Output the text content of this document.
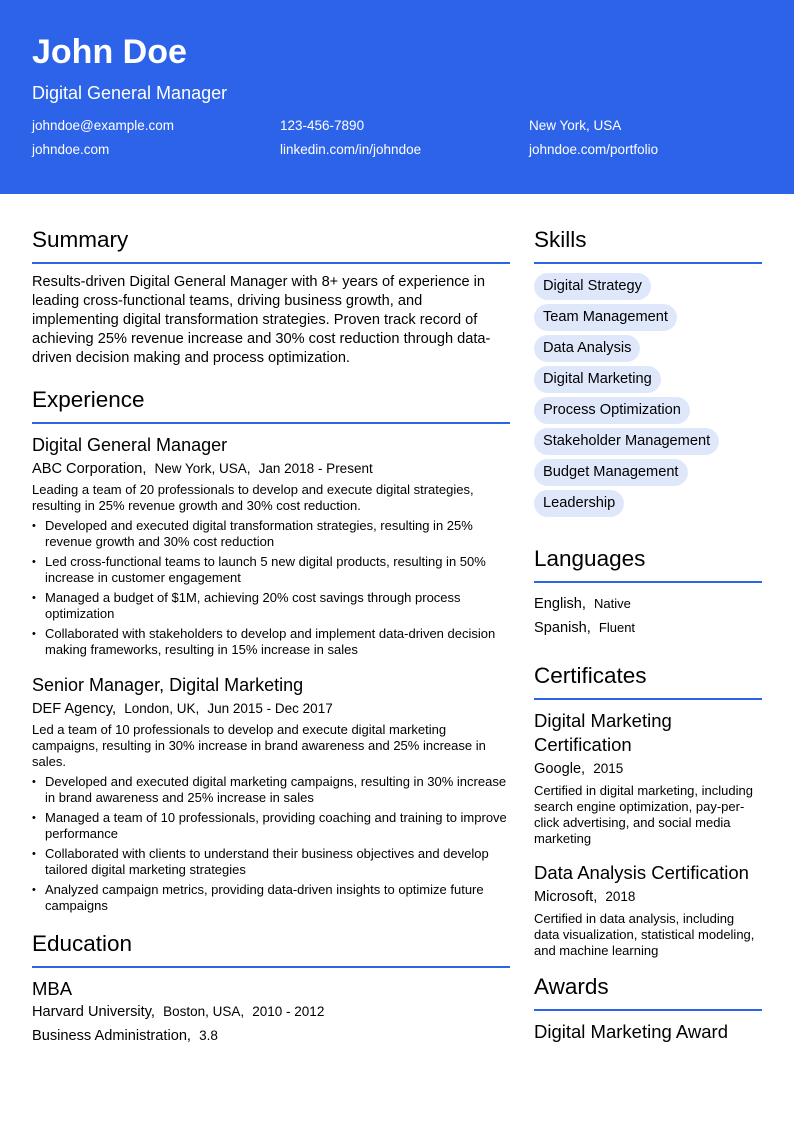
John Doe
Digital General Manager
johndoe@example.com	123-456-7890	New York, USA
johndoe.com	linkedin.com/in/johndoe	johndoe.com/portfolio
Summary
Results-driven Digital General Manager with 8+ years of experience in leading cross-functional teams, driving business growth, and implementing digital transformation strategies. Proven track record of achieving 25% revenue increase and 30% cost reduction through data-driven decision making and process optimization.
Experience
Digital General Manager
ABC Corporation, New York, USA, Jan 2018 - Present
Leading a team of 20 professionals to develop and execute digital strategies, resulting in 25% revenue growth and 30% cost reduction.
• Developed and executed digital transformation strategies, resulting in 25% revenue growth and 30% cost reduction
• Led cross-functional teams to launch 5 new digital products, resulting in 50% increase in customer engagement
• Managed a budget of $1M, achieving 20% cost savings through process optimization
• Collaborated with stakeholders to develop and implement data-driven decision making frameworks, resulting in 15% increase in sales
Senior Manager, Digital Marketing
DEF Agency, London, UK, Jun 2015 - Dec 2017
Led a team of 10 professionals to develop and execute digital marketing campaigns, resulting in 30% increase in brand awareness and 25% increase in sales.
• Developed and executed digital marketing campaigns, resulting in 30% increase in brand awareness and 25% increase in sales
• Managed a team of 10 professionals, providing coaching and training to improve performance
• Collaborated with clients to understand their business objectives and develop tailored digital marketing strategies
• Analyzed campaign metrics, providing data-driven insights to optimize future campaigns
Education
MBA
Harvard University, Boston, USA, 2010 - 2012
Business Administration, 3.8
Skills
Digital Strategy
Team Management
Data Analysis
Digital Marketing
Process Optimization
Stakeholder Management
Budget Management
Leadership
Languages
English, Native
Spanish, Fluent
Certificates
Digital Marketing Certification
Google, 2015
Certified in digital marketing, including search engine optimization, pay-per-click advertising, and social media marketing
Data Analysis Certification
Microsoft, 2018
Certified in data analysis, including data visualization, statistical modeling, and machine learning
Awards
Digital Marketing Award
